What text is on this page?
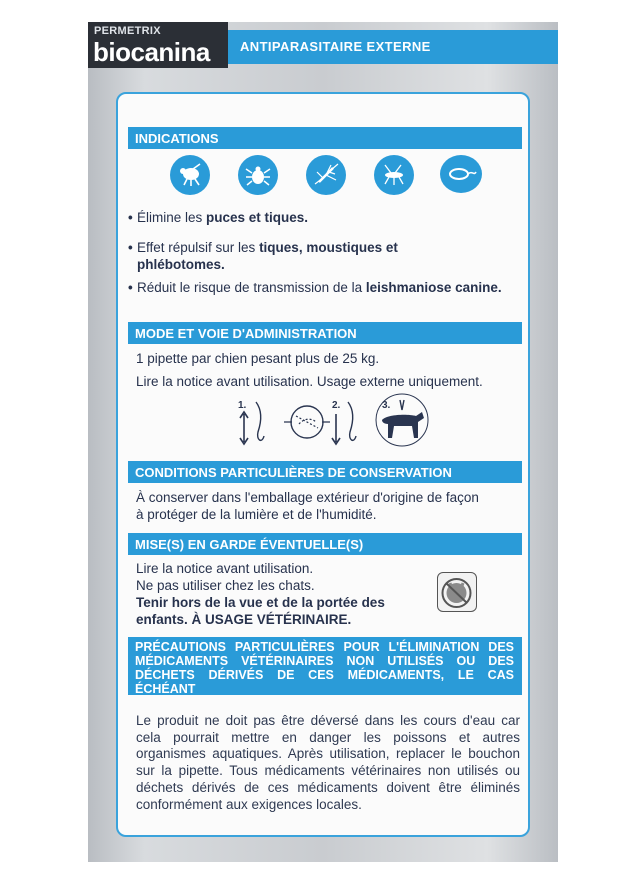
PERMETRIX
biocanina ANTIPARASITAIRE EXTERNE
INDICATIONS
• Élimine les puces et tiques.
• Effet répulsif sur les tiques, moustiques et phlébotomes.
• Réduit le risque de transmission de la leishmaniose canine.
MODE ET VOIE D'ADMINISTRATION
1 pipette par chien pesant plus de 25 kg.
Lire la notice avant utilisation. Usage externe uniquement.
1.	2.	3.
CONDITIONS PARTICULIÈRES DE CONSERVATION
À conserver dans l'emballage extérieur d'origine de façon
à protéger de la lumière et de l'humidité.
MISE(S) EN GARDE ÉVENTUELLE(S)
Lire la notice avant utilisation.
Ne pas utiliser chez les chats.
Tenir hors de la vue et de la portée des
enfants. À USAGE VÉTÉRINAIRE.
PRÉCAUTIONS PARTICULIÈRES POUR L'ÉLIMINATION DES MÉDICAMENTS VÉTÉRINAIRES NON UTILISÉS OU DES DÉCHETS DÉRIVÉS DE CES MÉDICAMENTS, LE CAS ÉCHÉANT
Le produit ne doit pas être déversé dans les cours d'eau car cela pourrait mettre en danger les poissons et autres organismes aquatiques. Après utilisation, replacer le bouchon sur la pipette. Tous médicaments vétérinaires non utilisés ou déchets dérivés de ces médicaments doivent être éliminés conformément aux exigences locales.
